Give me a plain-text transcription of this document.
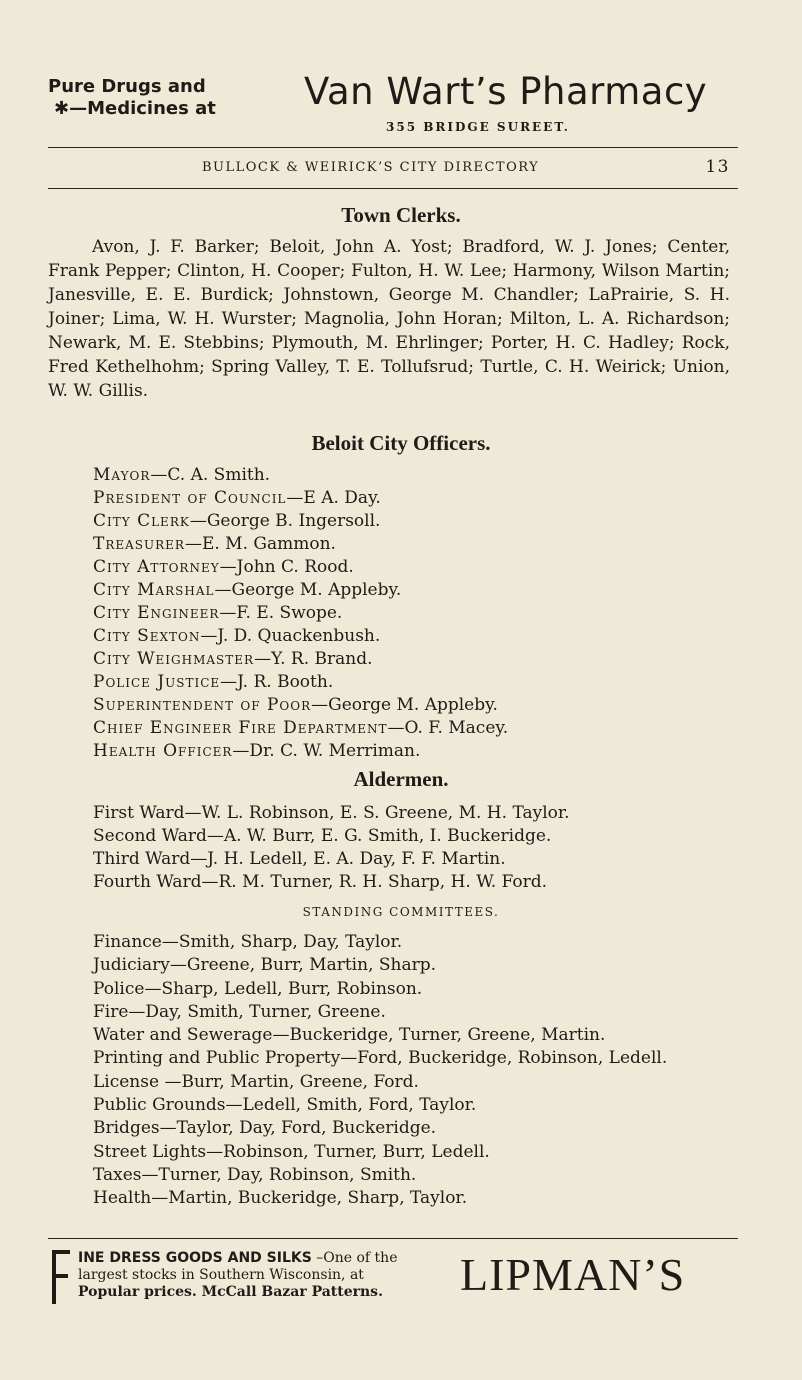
Pure Drugs and
✱—Medicines at Van Wart’s Pharmacy
355 BRIDGE SUREET.
BULLOCK & WEIRICK’S CITY DIRECTORY	13
Town Clerks.
Avon, J. F. Barker; Beloit, John A. Yost; Bradford, W. J. Jones; Center, Frank Pepper; Clinton, H. Cooper; Fulton, H. W. Lee; Harmony, Wilson Martin; Janesville, E. E. Burdick; Johnstown, George M. Chandler; LaPrairie, S. H. Joiner; Lima, W. H. Wurster; Magnolia, John Horan; Milton, L. A. Richardson; Newark, M. E. Stebbins; Plymouth, M. Ehrlinger; Porter, H. C. Hadley; Rock, Fred Kethelhohm; Spring Valley, T. E. Tollufsrud; Turtle, C. H. Weirick; Union, W. W. Gillis.
Beloit City Officers.
Mayor—C. A. Smith.
President of Council—E A. Day.
City Clerk—George B. Ingersoll.
Treasurer—E. M. Gammon.
City Attorney—John C. Rood.
City Marshal—George M. Appleby.
City Engineer—F. E. Swope.
City Sexton—J. D. Quackenbush.
City Weighmaster—Y. R. Brand.
Police Justice—J. R. Booth.
Superintendent of Poor—George M. Appleby.
Chief Engineer Fire Department—O. F. Macey.
Health Officer—Dr. C. W. Merriman.
Aldermen.
First Ward—W. L. Robinson, E. S. Greene, M. H. Taylor.
Second Ward—A. W. Burr, E. G. Smith, I. Buckeridge.
Third Ward—J. H. Ledell, E. A. Day, F. F. Martin.
Fourth Ward—R. M. Turner, R. H. Sharp, H. W. Ford.
STANDING COMMITTEES.
Finance—Smith, Sharp, Day, Taylor.
Judiciary—Greene, Burr, Martin, Sharp.
Police—Sharp, Ledell, Burr, Robinson.
Fire—Day, Smith, Turner, Greene.
Water and Sewerage—Buckeridge, Turner, Greene, Martin.
Printing and Public Property—Ford, Buckeridge, Robinson, Ledell.
License —Burr, Martin, Greene, Ford.
Public Grounds—Ledell, Smith, Ford, Taylor.
Bridges—Taylor, Day, Ford, Buckeridge.
Street Lights—Robinson, Turner, Burr, Ledell.
Taxes—Turner, Day, Robinson, Smith.
Health—Martin, Buckeridge, Sharp, Taylor.
INE DRESS GOODS AND SILKS –One of the
largest stocks in Southern Wisconsin, at
Popular prices. McCall Bazar Patterns.	LIPMAN’S
